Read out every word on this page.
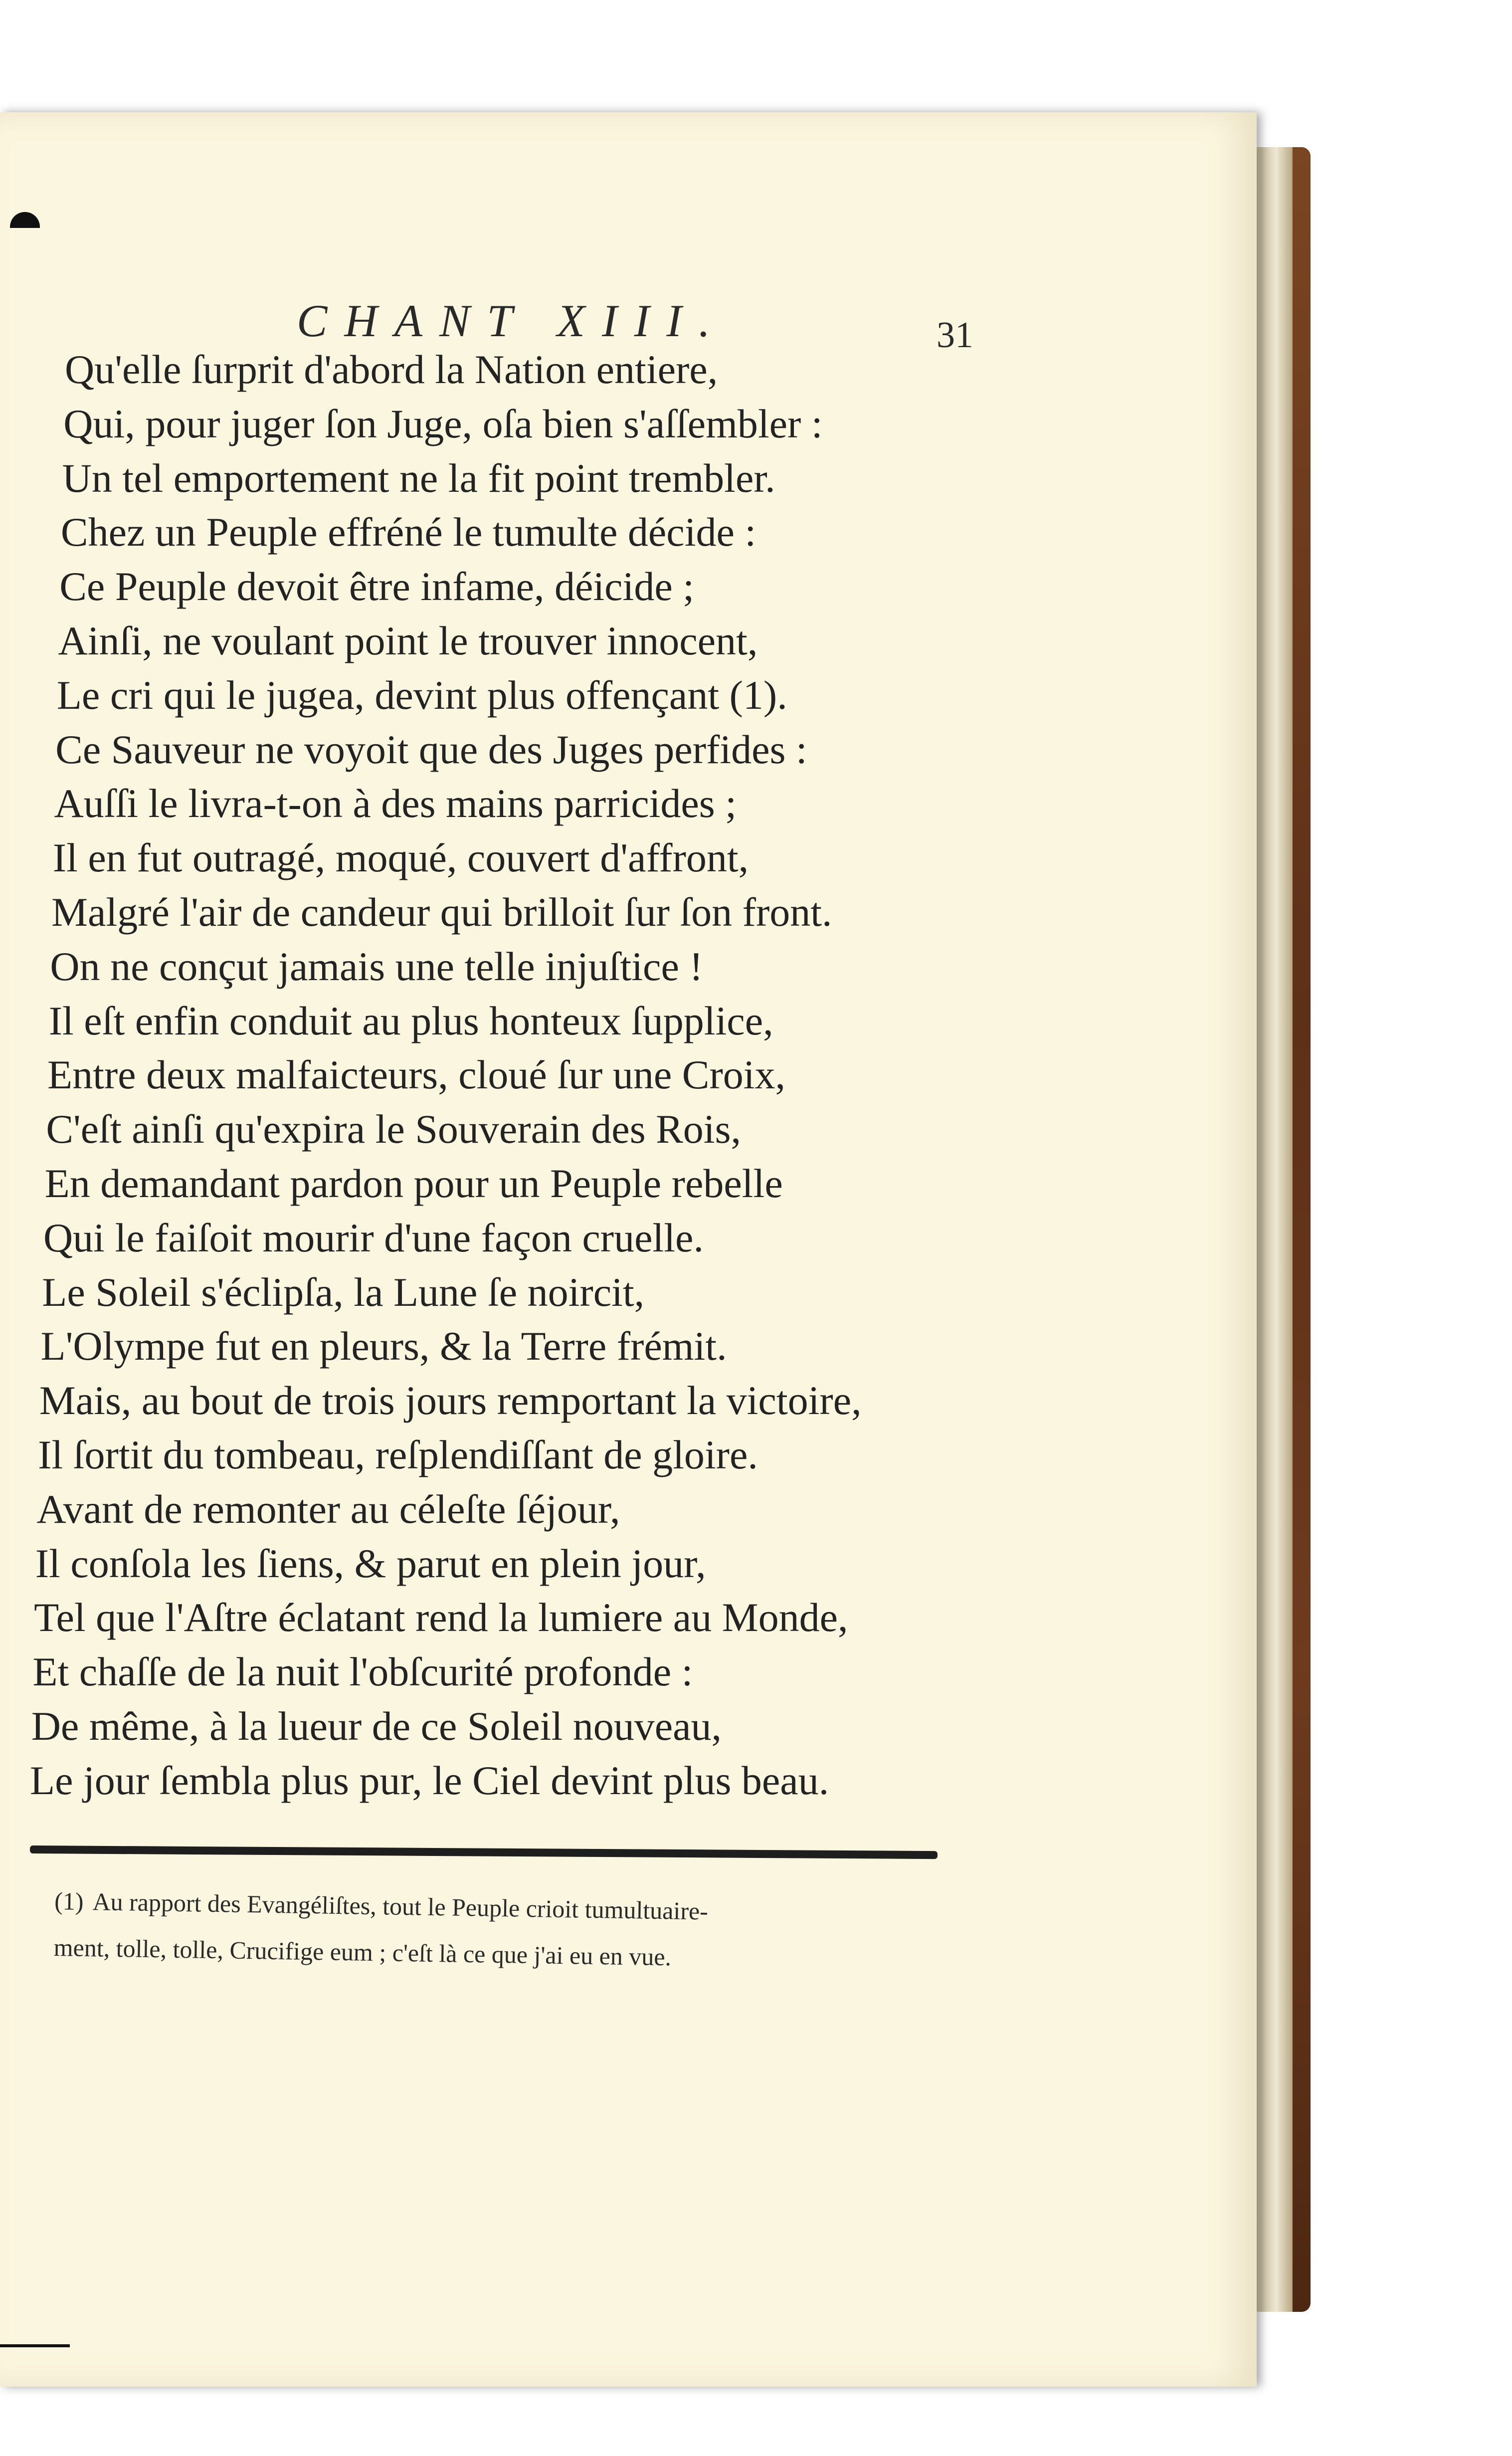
CHANT XIII.	31
Qu'elle ſurprit d'abord la Nation entiere,
Qui, pour juger ſon Juge, oſa bien s'aſſembler :
Un tel emportement ne la fit point trembler.
Chez un Peuple effréné le tumulte décide :
Ce Peuple devoit être infame, déicide ;
Ainſi, ne voulant point le trouver innocent,
Le cri qui le jugea, devint plus offençant (1).
Ce Sauveur ne voyoit que des Juges perfides :
Auſſi le livra-t-on à des mains parricides ;
Il en fut outragé, moqué, couvert d'affront,
Malgré l'air de candeur qui brilloit ſur ſon front.
On ne conçut jamais une telle injuſtice !
Il eſt enfin conduit au plus honteux ſupplice,
Entre deux malfaicteurs, cloué ſur une Croix,
C'eſt ainſi qu'expira le Souverain des Rois,
En demandant pardon pour un Peuple rebelle
Qui le faiſoit mourir d'une façon cruelle.
Le Soleil s'éclipſa, la Lune ſe noircit,
L'Olympe fut en pleurs, & la Terre frémit.
Mais, au bout de trois jours remportant la victoire,
Il ſortit du tombeau, reſplendiſſant de gloire.
Avant de remonter au céleſte ſéjour,
Il conſola les ſiens, & parut en plein jour,
Tel que l'Aſtre éclatant rend la lumiere au Monde,
Et chaſſe de la nuit l'obſcurité profonde :
De même, à la lueur de ce Soleil nouveau,
Le jour ſembla plus pur, le Ciel devint plus beau.
(1) Au rapport des Evangéliſtes, tout le Peuple crioit tumultuaire-
ment, tolle, tolle, Crucifige eum ; c'eſt là ce que j'ai eu en vue.
